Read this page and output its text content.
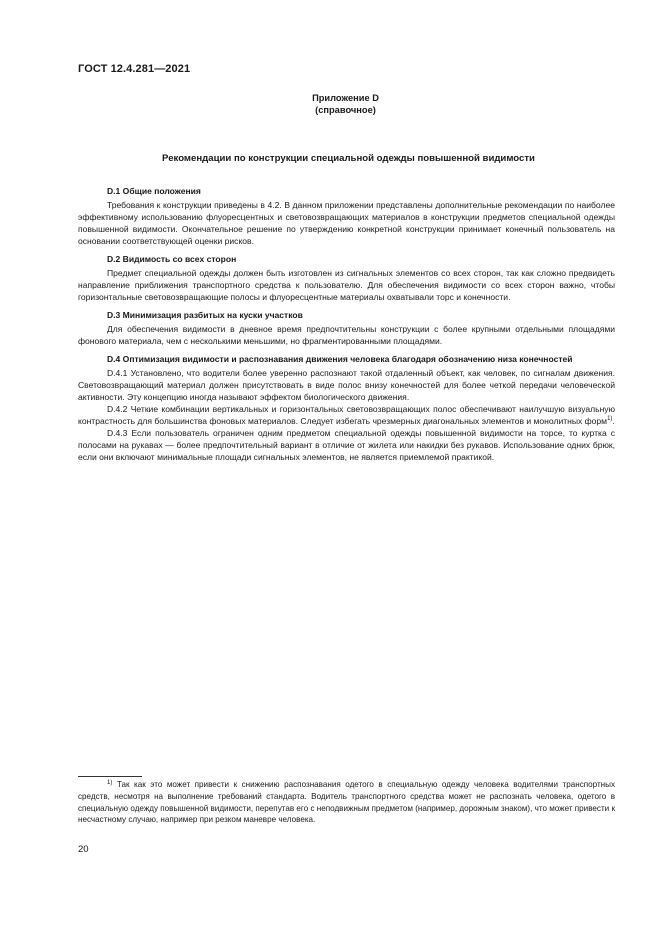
ГОСТ 12.4.281—2021
Приложение D
(справочное)
Рекомендации по конструкции специальной одежды повышенной видимости
D.1 Общие положения

Требования к конструкции приведены в 4.2. В данном приложении представлены дополнительные рекомендации по наиболее эффективному использованию флуоресцентных и световозвращающих материалов в конструкции предметов специальной одежды повышенной видимости. Окончательное решение по утверждению конкретной конструкции принимает конечный пользователь на основании соответствующей оценки рисков.

D.2 Видимость со всех сторон

Предмет специальной одежды должен быть изготовлен из сигнальных элементов со всех сторон, так как сложно предвидеть направление приближения транспортного средства к пользователю. Для обеспечения видимости со всех сторон важно, чтобы горизонтальные световозвращающие полосы и флуоресцентные материалы охватывали торс и конечности.

D.3 Минимизация разбитых на куски участков

Для обеспечения видимости в дневное время предпочтительны конструкции с более крупными отдельными площадями фонового материала, чем с несколькими меньшими, но фрагментированными площадями.

D.4 Оптимизация видимости и распознавания движения человека благодаря обозначению низа конечностей

D.4.1 Установлено, что водители более уверенно распознают такой отдаленный объект, как человек, по сигналам движения. Световозвращающий материал должен присутствовать в виде полос внизу конечностей для более четкой передачи человеческой активности. Эту концепцию иногда называют эффектом биологического движения.

D.4.2 Четкие комбинации вертикальных и горизонтальных световозвращающих полос обеспечивают наилучшую визуальную контрастность для большинства фоновых материалов. Следует избегать чрезмерных диагональных элементов и монолитных форм$^{1)}$.

D.4.3 Если пользователь ограничен одним предметом специальной одежды повышенной видимости на торсе, то куртка с полосами на рукавах — более предпочтительный вариант в отличие от жилета или накидки без рукавов. Использование одних брюк, если они включают минимальные площади сигнальных элементов, не является приемлемой практикой.

$^{1)}$ Так как это может привести к снижению распознавания одетого в специальную одежду человека водителями транспортных средств, несмотря на выполнение требований стандарта. Водитель транспортного средства может не распознать человека, одетого в специальную одежду повышенной видимости, перепутав его с неподвижным предметом (например, дорожным знаком), что может привести к несчастному случаю, например при резком маневре человека.
20
